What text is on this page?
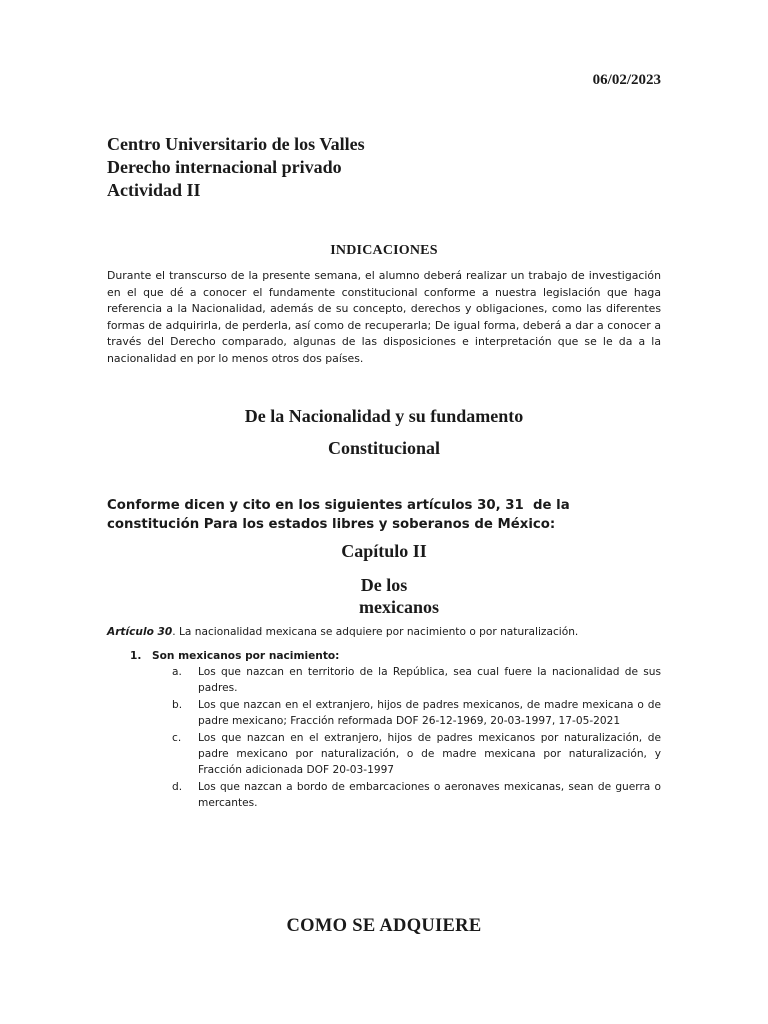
06/02/2023
Centro Universitario de los Valles
Derecho internacional privado
Actividad II
INDICACIONES
Durante el transcurso de la presente semana, el alumno deberá realizar un trabajo de investigación en el que dé a conocer el fundamente constitucional conforme a nuestra legislación que haga referencia a la Nacionalidad, además de su concepto, derechos y obligaciones, como las diferentes formas de adquirirla, de perderla, así como de recuperarla; De igual forma, deberá a dar a conocer a través del Derecho comparado, algunas de las disposiciones e interpretación que se le da a la nacionalidad en por lo menos otros dos países.
De la Nacionalidad y su fundamento
Constitucional
Conforme dicen y cito en los siguientes artículos 30, 31  de la
constitución Para los estados libres y soberanos de México:
Capítulo II
De los
mexicanos
Artículo 30. La nacionalidad mexicana se adquiere por nacimiento o por naturalización.
1. Son mexicanos por nacimiento:
a.	Los que nazcan en territorio de la República, sea cual fuere la nacionalidad de sus padres.
b.	Los que nazcan en el extranjero, hijos de padres mexicanos, de madre mexicana o de padre mexicano; Fracción reformada DOF 26-12-1969, 20-03-1997, 17-05-2021
c.	Los que nazcan en el extranjero, hijos de padres mexicanos por naturalización, de padre mexicano por naturalización, o de madre mexicana por naturalización, y Fracción adicionada DOF 20-03-1997
d.	Los que nazcan a bordo de embarcaciones o aeronaves mexicanas, sean de guerra o mercantes.
COMO SE ADQUIERE
